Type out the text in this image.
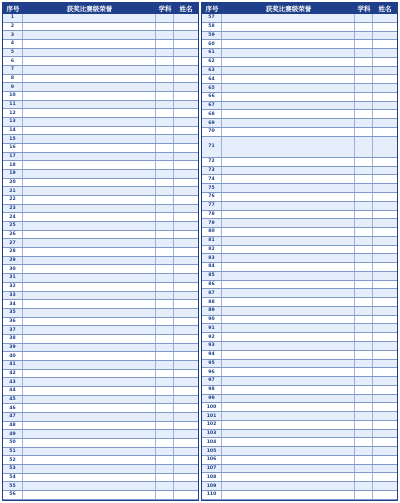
序号	获奖比赛级荣誉	学科	姓名
1
2
3
4
5
6
7
8
9
10
11
12
13
14
15
16
17
18
19
20
21
22
23
24
25
26
27
28
29
30
31
32
33
34
35
36
37
38
39
40
41
42
43
44
45
46
47
48
49
50
51
52
53
54
55
56
序号	获奖比赛级荣誉	学科	姓名
57
58
59
60
61
62
63
64
65
66
67
68
69
70
71
72
73
74
75
76
77
78
79
80
81
82
83
84
85
86
87
88
89
90
91
92
93
94
95
96
97
98
99
100
101
102
103
104
105
106
107
108
109
110
